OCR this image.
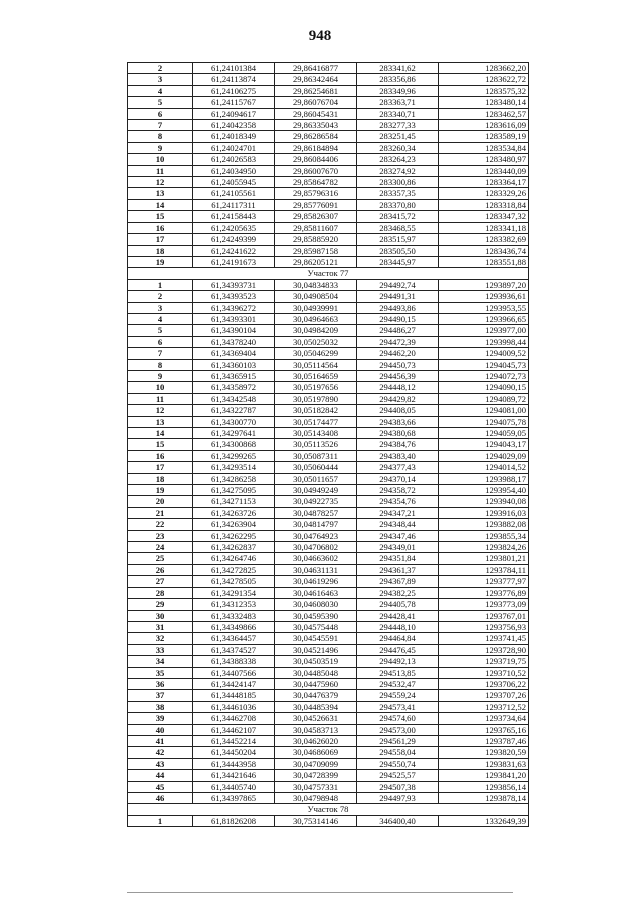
948
2	61,24101384	29,86416877	283341,62	1283662,20
3	61,24113874	29,86342464	283356,86	1283622,72
4	61,24106275	29,86254681	283349,96	1283575,32
5	61,24115767	29,86076704	283363,71	1283480,14
6	61,24094617	29,86045431	283340,71	1283462,57
7	61,24042358	29,86335043	283277,33	1283616,09
8	61,24018349	29,86286584	283251,45	1283589,19
9	61,24024701	29,86184894	283260,34	1283534,84
10	61,24026583	29,86084406	283264,23	1283480,97
11	61,24034950	29,86007670	283274,92	1283440,09
12	61,24055945	29,85864782	283300,86	1283364,17
13	61,24105561	29,85796316	283357,35	1283329,26
14	61,24117311	29,85776091	283370,80	1283318,84
15	61,24158443	29,85826307	283415,72	1283347,32
16	61,24205635	29,85811607	283468,55	1283341,18
17	61,24249399	29,85885920	283515,97	1283382,69
18	61,24241622	29,85987158	283505,50	1283436,74
19	61,24191673	29,86205121	283445,97	1283551,88
Участок 77				
1	61,34393731	30,04834833	294492,74	1293897,20
2	61,34393523	30,04908504	294491,31	1293936,61
3	61,34396272	30,04939991	294493,86	1293953,55
4	61,34393301	30,04964663	294490,15	1293966,65
5	61,34390104	30,04984209	294486,27	1293977,00
6	61,34378240	30,05025032	294472,39	1293998,44
7	61,34369404	30,05046299	294462,20	1294009,52
8	61,34360103	30,05114564	294450,73	1294045,73
9	61,34365915	30,05164659	294456,39	1294072,73
10	61,34358972	30,05197656	294448,12	1294090,15
11	61,34342548	30,05197890	294429,82	1294089,72
12	61,34322787	30,05182842	294408,05	1294081,00
13	61,34300770	30,05174477	294383,66	1294075,78
14	61,34297641	30,05143408	294380,68	1294059,05
15	61,34300868	30,05113526	294384,76	1294043,17
16	61,34299265	30,05087311	294383,40	1294029,09
17	61,34293514	30,05060444	294377,43	1294014,52
18	61,34286258	30,05011657	294370,14	1293988,17
19	61,34275095	30,04949249	294358,72	1293954,40
20	61,34271153	30,04922735	294354,76	1293940,08
21	61,34263726	30,04878257	294347,21	1293916,03
22	61,34263904	30,04814797	294348,44	1293882,08
23	61,34262295	30,04764923	294347,46	1293855,34
24	61,34262837	30,04706802	294349,01	1293824,26
25	61,34264746	30,04663602	294351,84	1293801,21
26	61,34272825	30,04631131	294361,37	1293784,11
27	61,34278505	30,04619296	294367,89	1293777,97
28	61,34291354	30,04616463	294382,25	1293776,89
29	61,34312353	30,04608030	294405,78	1293773,09
30	61,34332483	30,04595390	294428,41	1293767,01
31	61,34349866	30,04575448	294448,10	1293756,93
32	61,34364457	30,04545591	294464,84	1293741,45
33	61,34374527	30,04521496	294476,45	1293728,90
34	61,34388338	30,04503519	294492,13	1293719,75
35	61,34407566	30,04485048	294513,85	1293710,52
36	61,34424147	30,04475960	294532,47	1293706,22
37	61,34448185	30,04476379	294559,24	1293707,26
38	61,34461036	30,04485394	294573,41	1293712,52
39	61,34462708	30,04526631	294574,60	1293734,64
40	61,34462107	30,04583713	294573,00	1293765,16
41	61,34452214	30,04626020	294561,29	1293787,46
42	61,34450204	30,04686069	294558,04	1293820,59
43	61,34443958	30,04709099	294550,74	1293831,63
44	61,34421646	30,04728399	294525,57	1293841,20
45	61,34405740	30,04757331	294507,38	1293856,14
46	61,34397865	30,04798948	294497,93	1293878,14
Участок 78				
1	61,81826208	30,75314146	346400,40	1332649,39
